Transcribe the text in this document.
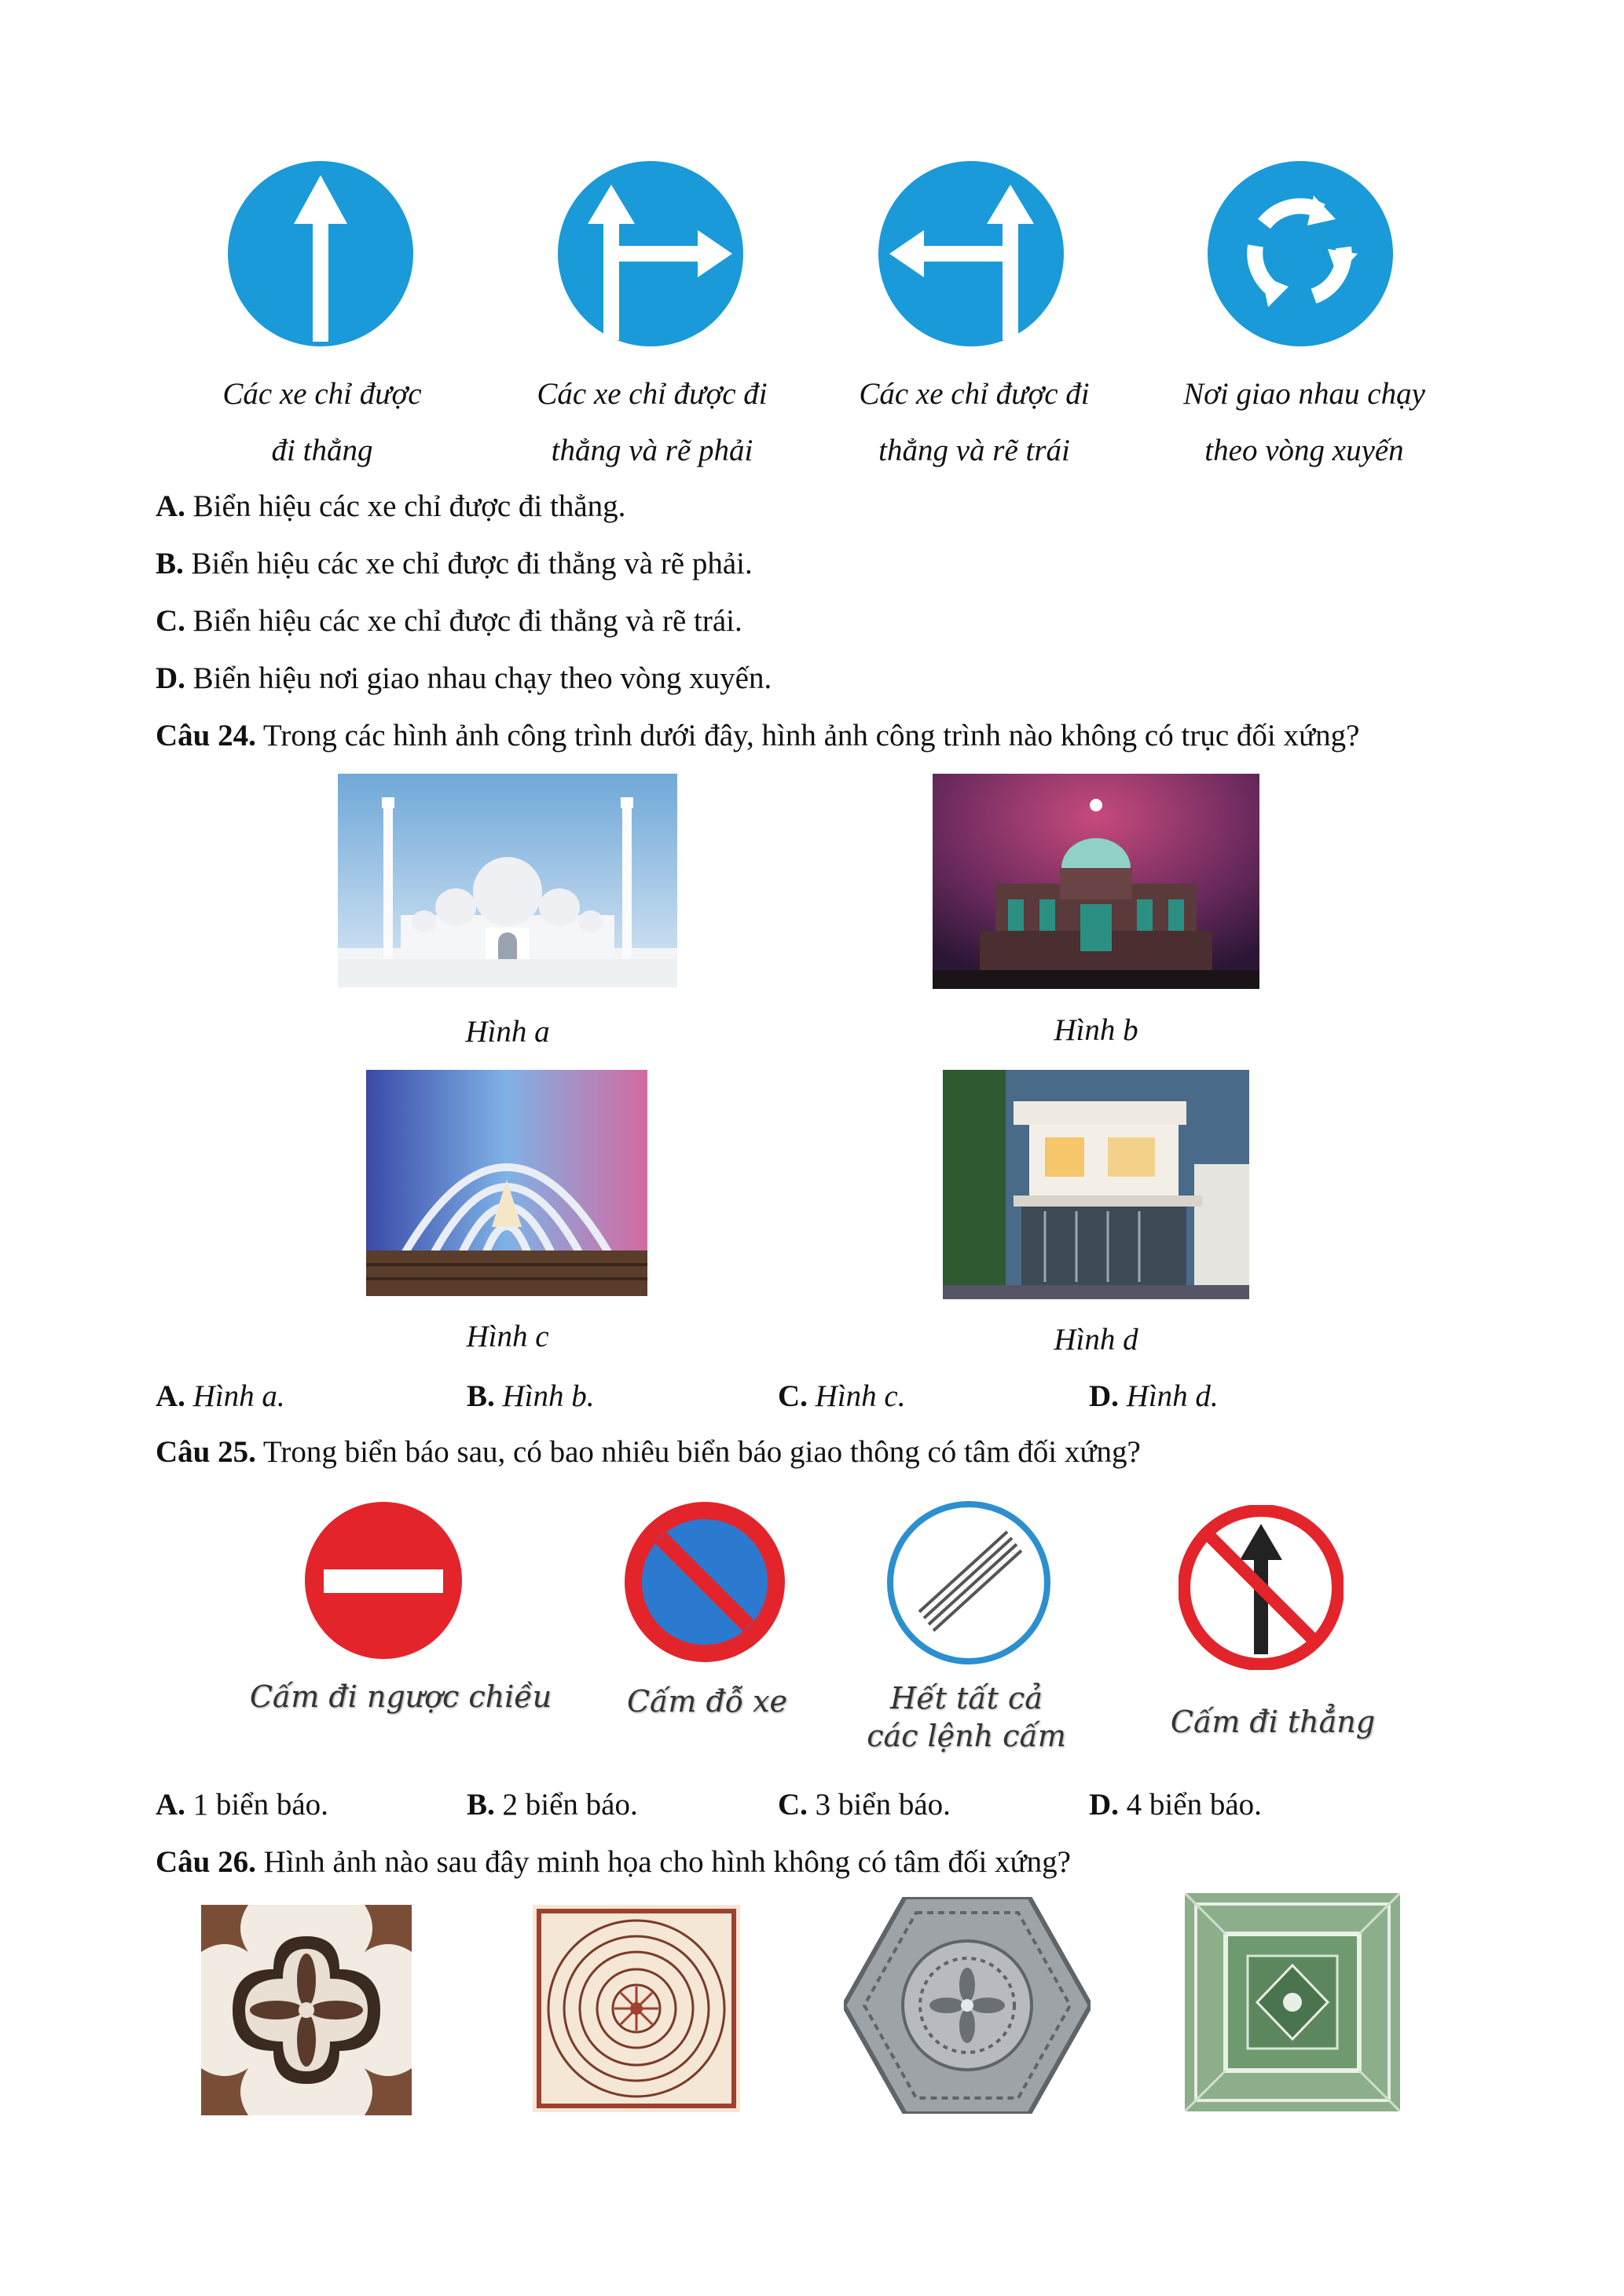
Các xe chỉ được
đi thẳng
Các xe chỉ được đi
thẳng và rẽ phải
Các xe chỉ được đi
thẳng và rẽ trái
Nơi giao nhau chạy
theo vòng xuyến
A. Biển hiệu các xe chỉ được đi thẳng.
B. Biển hiệu các xe chỉ được đi thẳng và rẽ phải.
C. Biển hiệu các xe chỉ được đi thẳng và rẽ trái.
D. Biển hiệu nơi giao nhau chạy theo vòng xuyến.
Câu 24. Trong các hình ảnh công trình dưới đây, hình ảnh công trình nào không có trục đối xứng?
Hình a	Hình b
Hình c	Hình d
A. Hình a.	B. Hình b.	C. Hình c.	D. Hình d.
Câu 25. Trong biển báo sau, có bao nhiêu biển báo giao thông có tâm đối xứng?
Cấm đi ngược chiều	Cấm đỗ xe	Hết tất cả
các lệnh cấm	Cấm đi thẳng
A. 1 biển báo.	B. 2 biển báo.	C. 3 biển báo.	D. 4 biển báo.
Câu 26. Hình ảnh nào sau đây minh họa cho hình không có tâm đối xứng?
